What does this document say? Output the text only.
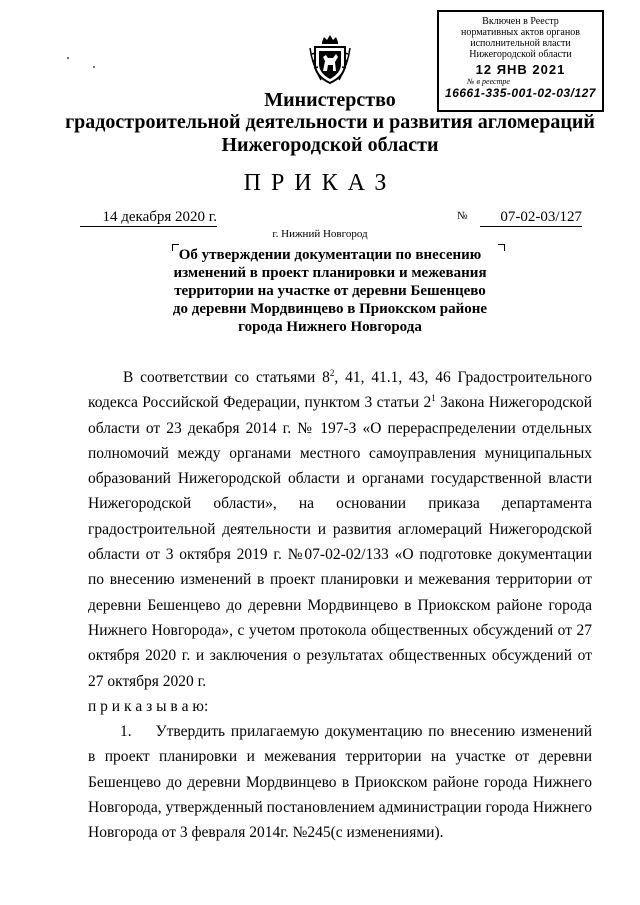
Включен в Реестр
нормативных актов органов
исполнительной власти
Нижегородской области
12 ЯНВ 2021
№ в реестре
16661-335-001-02-03/127
Министерство
градостроительной деятельности и развития агломераций
Нижегородской области
ПРИКАЗ
14 декабря 2020 г.	№	07-02-03/127
г. Нижний Новгород
Об утверждении документации по внесению изменений в проект планировки и межевания территории на участке от деревни Бешенцево до деревни Мордвинцево в Приокском районе города Нижнего Новгорода

В соответствии со статьями $8^2$, 41, 41.1, 43, 46 Градостроительного кодекса Российской Федерации, пунктом 3 статьи $2^1$ Закона Нижегородской области от 23 декабря 2014 г. № 197-З «О перераспределении отдельных полномочий между органами местного самоуправления муниципальных образований Нижегородской области и органами государственной власти Нижегородской области», на основании приказа департамента градостроительной деятельности и развития агломераций Нижегородской области от 3 октября 2019 г. №07-02-02/133 «О подготовке документации по внесению изменений в проект планировки и межевания территории от деревни Бешенцево до деревни Мордвинцево в Приокском районе города Нижнего Новгорода», с учетом протокола общественных обсуждений от 27 октября 2020 г. и заключения о результатах общественных обсуждений от 27 октября 2020 г.

п р и к а з ы в а ю:

1. Утвердить прилагаемую документацию по внесению изменений в проект планировки и межевания территории на участке от деревни Бешенцево до деревни Мордвинцево в Приокском районе города Нижнего Новгорода, утвержденный постановлением администрации города Нижнего Новгорода от 3 февраля 2014г. №245(с изменениями).
